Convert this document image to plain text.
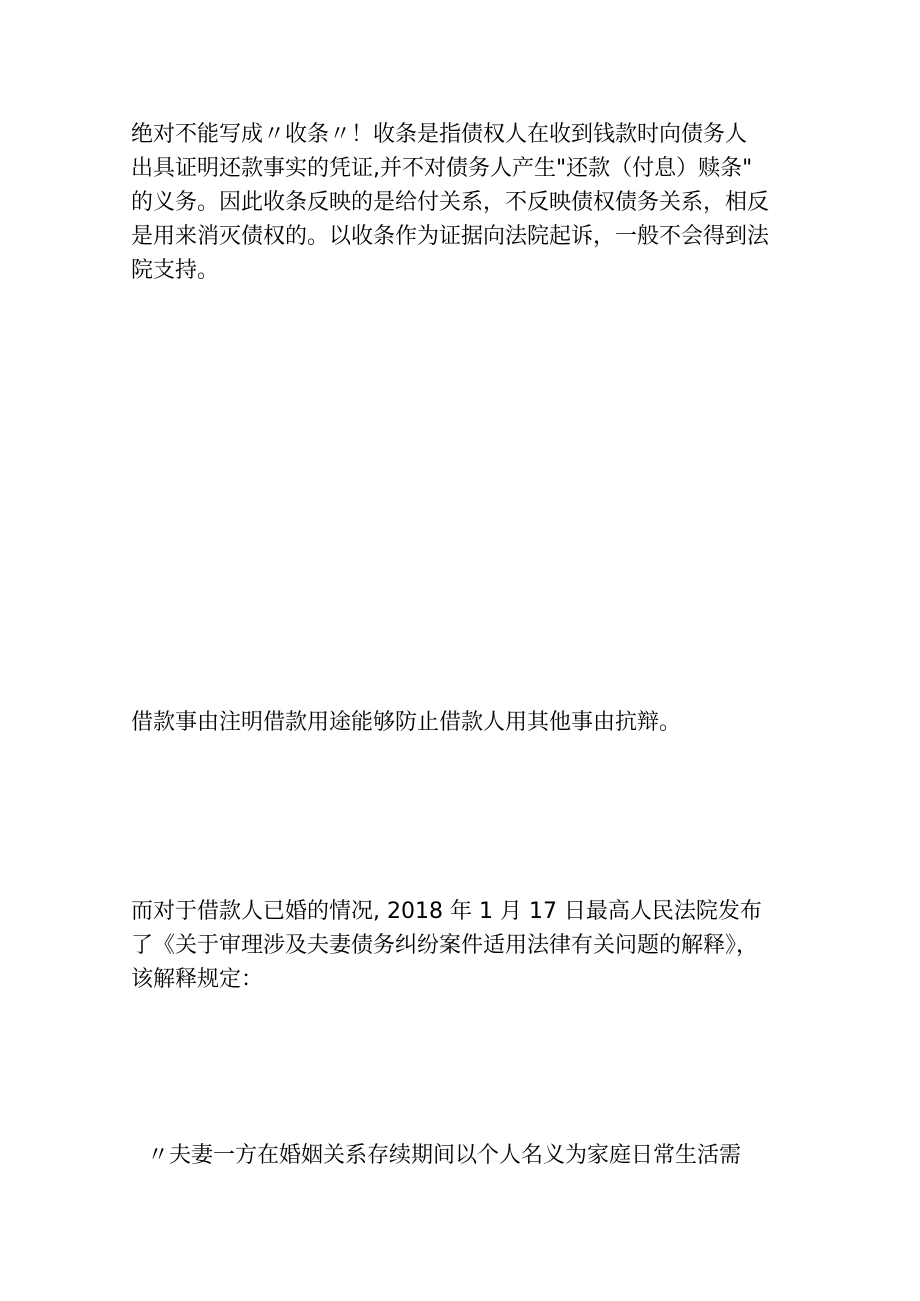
绝对不能写成〃收条〃！收条是指债权人在收到钱款时向债务人
出具证明还款事实的凭证,并不对债务人产生"还款（付息）赎条"
的义务。因此收条反映的是给付关系，不反映债权债务关系，相反
是用来消灭债权的。以收条作为证据向法院起诉，一般不会得到法
院支持。
借款事由注明借款用途能够防止借款人用其他事由抗辩。
而对于借款人已婚的情况, 2018 年 1 月 17 日最高人民法院发布
了《关于审理涉及夫妻债务纠纷案件适用法律有关问题的解释》，
该解释规定：
〃夫妻一方在婚姻关系存续期间以个人名义为家庭日常生活需
